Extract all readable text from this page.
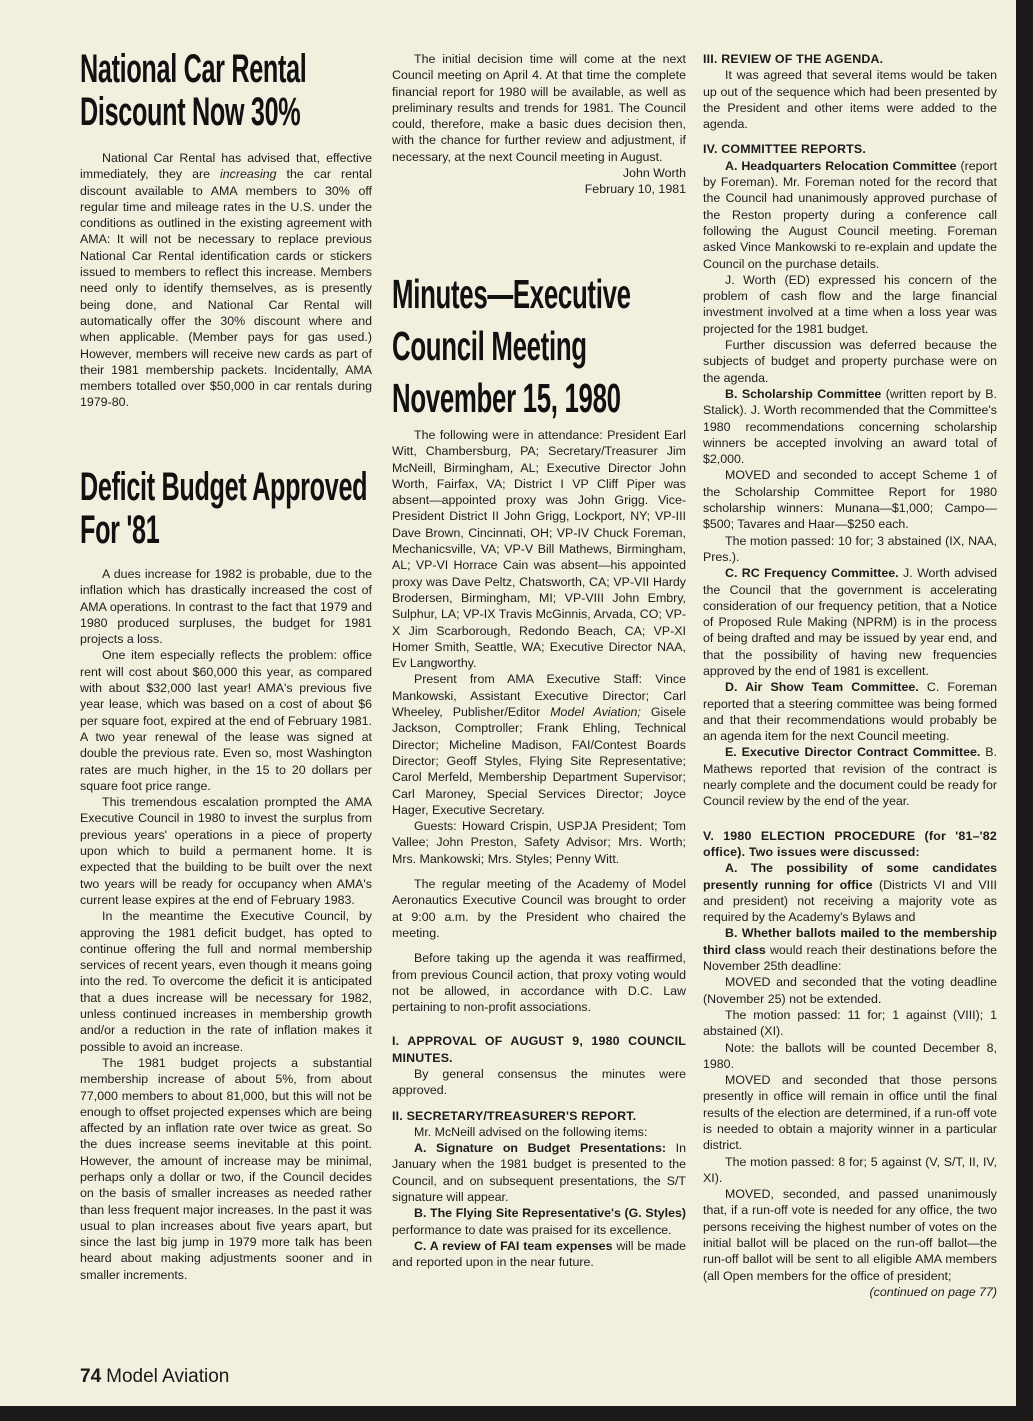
National Car Rental
Discount Now 30%

National Car Rental has advised that, effective immediately, they are increasing the car rental discount available to AMA members to 30% off regular time and mileage rates in the U.S. under the conditions as outlined in the existing agreement with AMA: It will not be necessary to replace previous National Car Rental identification cards or stickers issued to members to reflect this increase. Members need only to identify themselves, as is presently being done, and National Car Rental will automatically offer the 30% discount where and when applicable. (Member pays for gas used.) However, members will receive new cards as part of their 1981 membership packets. Incidentally, AMA members totalled over $50,000 in car rentals during 1979-80.

Deficit Budget Approved
For '81

A dues increase for 1982 is probable, due to the inflation which has drastically increased the cost of AMA operations. In contrast to the fact that 1979 and 1980 produced surpluses, the budget for 1981 projects a loss.

One item especially reflects the problem: office rent will cost about $60,000 this year, as compared with about $32,000 last year! AMA's previous five year lease, which was based on a cost of about $6 per square foot, expired at the end of February 1981. A two year renewal of the lease was signed at double the previous rate. Even so, most Washington rates are much higher, in the 15 to 20 dollars per square foot price range.

This tremendous escalation prompted the AMA Executive Council in 1980 to invest the surplus from previous years' operations in a piece of property upon which to build a permanent home. It is expected that the building to be built over the next two years will be ready for occupancy when AMA's current lease expires at the end of February 1983.

In the meantime the Executive Council, by approving the 1981 deficit budget, has opted to continue offering the full and normal membership services of recent years, even though it means going into the red. To overcome the deficit it is anticipated that a dues increase will be necessary for 1982, unless continued increases in membership growth and/or a reduction in the rate of inflation makes it possible to avoid an increase.

The 1981 budget projects a substantial membership increase of about 5%, from about 77,000 members to about 81,000, but this will not be enough to offset projected expenses which are being affected by an inflation rate over twice as great. So the dues increase seems inevitable at this point. However, the amount of increase may be minimal, perhaps only a dollar or two, if the Council decides on the basis of smaller increases as needed rather than less frequent major increases. In the past it was usual to plan increases about five years apart, but since the last big jump in 1979 more talk has been heard about making adjustments sooner and in smaller increments.

The initial decision time will come at the next Council meeting on April 4. At that time the complete financial report for 1980 will be available, as well as preliminary results and trends for 1981. The Council could, therefore, make a basic dues decision then, with the chance for further review and adjustment, if necessary, at the next Council meeting in August.

John Worth

February 10, 1981

Minutes—Executive
Council Meeting
November 15, 1980

The following were in attendance: President Earl Witt, Chambersburg, PA; Secretary/Treasurer Jim McNeill, Birmingham, AL; Executive Director John Worth, Fairfax, VA; District I VP Cliff Piper was absent—appointed proxy was John Grigg. Vice-President District II John Grigg, Lockport, NY; VP-III Dave Brown, Cincinnati, OH; VP-IV Chuck Foreman, Mechanicsville, VA; VP-V Bill Mathews, Birmingham, AL; VP-VI Horrace Cain was absent—his appointed proxy was Dave Peltz, Chatsworth, CA; VP-VII Hardy Brodersen, Birmingham, MI; VP-VIII John Embry, Sulphur, LA; VP-IX Travis McGinnis, Arvada, CO; VP-X Jim Scarborough, Redondo Beach, CA; VP-XI Homer Smith, Seattle, WA; Executive Director NAA, Ev Langworthy.

Present from AMA Executive Staff: Vince Mankowski, Assistant Executive Director; Carl Wheeley, Publisher/Editor Model Aviation; Gisele Jackson, Comptroller; Frank Ehling, Technical Director; Micheline Madison, FAI/Contest Boards Director; Geoff Styles, Flying Site Representative; Carol Merfeld, Membership Department Supervisor; Carl Maroney, Special Services Director; Joyce Hager, Executive Secretary.

Guests: Howard Crispin, USPJA President; Tom Vallee; John Preston, Safety Advisor; Mrs. Worth; Mrs. Mankowski; Mrs. Styles; Penny Witt.

The regular meeting of the Academy of Model Aeronautics Executive Council was brought to order at 9:00 a.m. by the President who chaired the meeting.

Before taking up the agenda it was reaffirmed, from previous Council action, that proxy voting would not be allowed, in accordance with D.C. Law pertaining to non-profit associations.

I. APPROVAL OF AUGUST 9, 1980 COUNCIL MINUTES.

By general consensus the minutes were approved.

II. SECRETARY/TREASURER'S REPORT.

Mr. McNeill advised on the following items:

A. Signature on Budget Presentations: In January when the 1981 budget is presented to the Council, and on subsequent presentations, the S/T signature will appear.

B. The Flying Site Representative's (G. Styles) performance to date was praised for its excellence.

C. A review of FAI team expenses will be made and reported upon in the near future.

III. REVIEW OF THE AGENDA.

It was agreed that several items would be taken up out of the sequence which had been presented by the President and other items were added to the agenda.

IV. COMMITTEE REPORTS.

A. Headquarters Relocation Committee (report by Foreman). Mr. Foreman noted for the record that the Council had unanimously approved purchase of the Reston property during a conference call following the August Council meeting. Foreman asked Vince Mankowski to re-explain and update the Council on the purchase details.

J. Worth (ED) expressed his concern of the problem of cash flow and the large financial investment involved at a time when a loss year was projected for the 1981 budget.

Further discussion was deferred because the subjects of budget and property purchase were on the agenda.

B. Scholarship Committee (written report by B. Stalick). J. Worth recommended that the Committee's 1980 recommendations concerning scholarship winners be accepted involving an award total of $2,000.

MOVED and seconded to accept Scheme 1 of the Scholarship Committee Report for 1980 scholarship winners: Munana—$1,000; Campo—$500; Tavares and Haar—$250 each.

The motion passed: 10 for; 3 abstained (IX, NAA, Pres.).

C. RC Frequency Committee. J. Worth advised the Council that the government is accelerating consideration of our frequency petition, that a Notice of Proposed Rule Making (NPRM) is in the process of being drafted and may be issued by year end, and that the possibility of having new frequencies approved by the end of 1981 is excellent.

D. Air Show Team Committee. C. Foreman reported that a steering committee was being formed and that their recommendations would probably be an agenda item for the next Council meeting.

E. Executive Director Contract Committee. B. Mathews reported that revision of the contract is nearly complete and the document could be ready for Council review by the end of the year.

V. 1980 ELECTION PROCEDURE (for '81–'82 office). Two issues were discussed:

A. The possibility of some candidates presently running for office (Districts VI and VIII and president) not receiving a majority vote as required by the Academy's Bylaws and

B. Whether ballots mailed to the membership third class would reach their destinations before the November 25th deadline:

MOVED and seconded that the voting deadline (November 25) not be extended.

The motion passed: 11 for; 1 against (VIII); 1 abstained (XI).

Note: the ballots will be counted December 8, 1980.

MOVED and seconded that those persons presently in office will remain in office until the final results of the election are determined, if a run-off vote is needed to obtain a majority winner in a particular district.

The motion passed: 8 for; 5 against (V, S/T, II, IV, XI).

MOVED, seconded, and passed unanimously that, if a run-off vote is needed for any office, the two persons receiving the highest number of votes on the initial ballot will be placed on the run-off ballot—the run-off ballot will be sent to all eligible AMA members (all Open members for the office of president;

(continued on page 77)

74 Model Aviation
